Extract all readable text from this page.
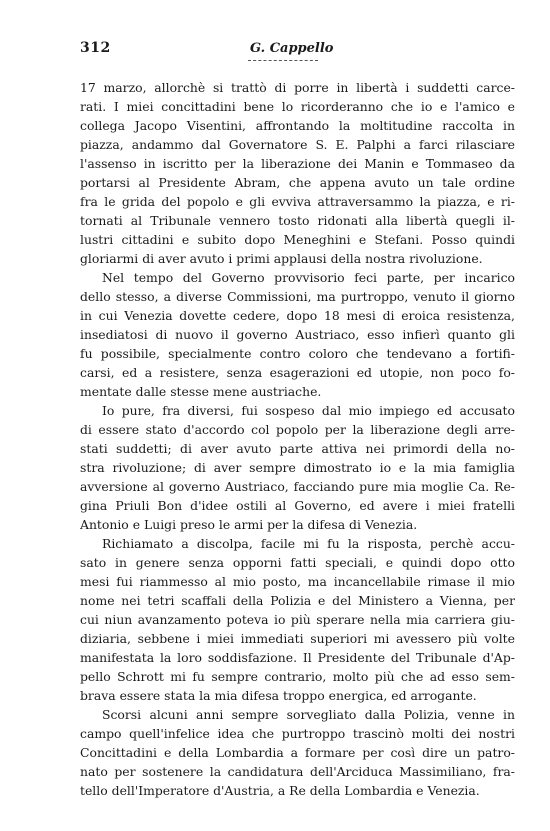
312	G. Cappello
17 marzo, allorchè si trattò di porre in libertà i suddetti carce-
rati. I miei concittadini bene lo ricorderanno che io e l'amico e
collega Jacopo Visentini, affrontando la moltitudine raccolta in
piazza, andammo dal Governatore S. E. Palphi a farci rilasciare
l'assenso in iscritto per la liberazione dei Manin e Tommaseo da
portarsi al Presidente Abram, che appena avuto un tale ordine
fra le grida del popolo e gli evviva attraversammo la piazza, e ri-
tornati al Tribunale vennero tosto ridonati alla libertà quegli il-
lustri cittadini e subito dopo Meneghini e Stefani. Posso quindi
gloriarmi di aver avuto i primi applausi della nostra rivoluzione.
Nel tempo del Governo provvisorio feci parte, per incarico
dello stesso, a diverse Commissioni, ma purtroppo, venuto il giorno
in cui Venezia dovette cedere, dopo 18 mesi di eroica resistenza,
insediatosi di nuovo il governo Austriaco, esso infierì quanto gli
fu possibile, specialmente contro coloro che tendevano a fortifi-
carsi, ed a resistere, senza esagerazioni ed utopie, non poco fo-
mentate dalle stesse mene austriache.
Io pure, fra diversi, fui sospeso dal mio impiego ed accusato
di essere stato d'accordo col popolo per la liberazione degli arre-
stati suddetti; di aver avuto parte attiva nei primordi della no-
stra rivoluzione; di aver sempre dimostrato io e la mia famiglia
avversione al governo Austriaco, facciando pure mia moglie Ca. Re-
gina Priuli Bon d'idee ostili al Governo, ed avere i miei fratelli
Antonio e Luigi preso le armi per la difesa di Venezia.
Richiamato a discolpa, facile mi fu la risposta, perchè accu-
sato in genere senza opporni fatti speciali, e quindi dopo otto
mesi fui riammesso al mio posto, ma incancellabile rimase il mio
nome nei tetri scaffali della Polizia e del Ministero a Vienna, per
cui niun avanzamento poteva io più sperare nella mia carriera giu-
diziaria, sebbene i miei immediati superiori mi avessero più volte
manifestata la loro soddisfazione. Il Presidente del Tribunale d'Ap-
pello Schrott mi fu sempre contrario, molto più che ad esso sem-
brava essere stata la mia difesa troppo energica, ed arrogante.
Scorsi alcuni anni sempre sorvegliato dalla Polizia, venne in
campo quell'infelice idea che purtroppo trascinò molti dei nostri
Concittadini e della Lombardia a formare per così dire un patro-
nato per sostenere la candidatura dell'Arciduca Massimiliano, fra-
tello dell'Imperatore d'Austria, a Re della Lombardia e Venezia.
